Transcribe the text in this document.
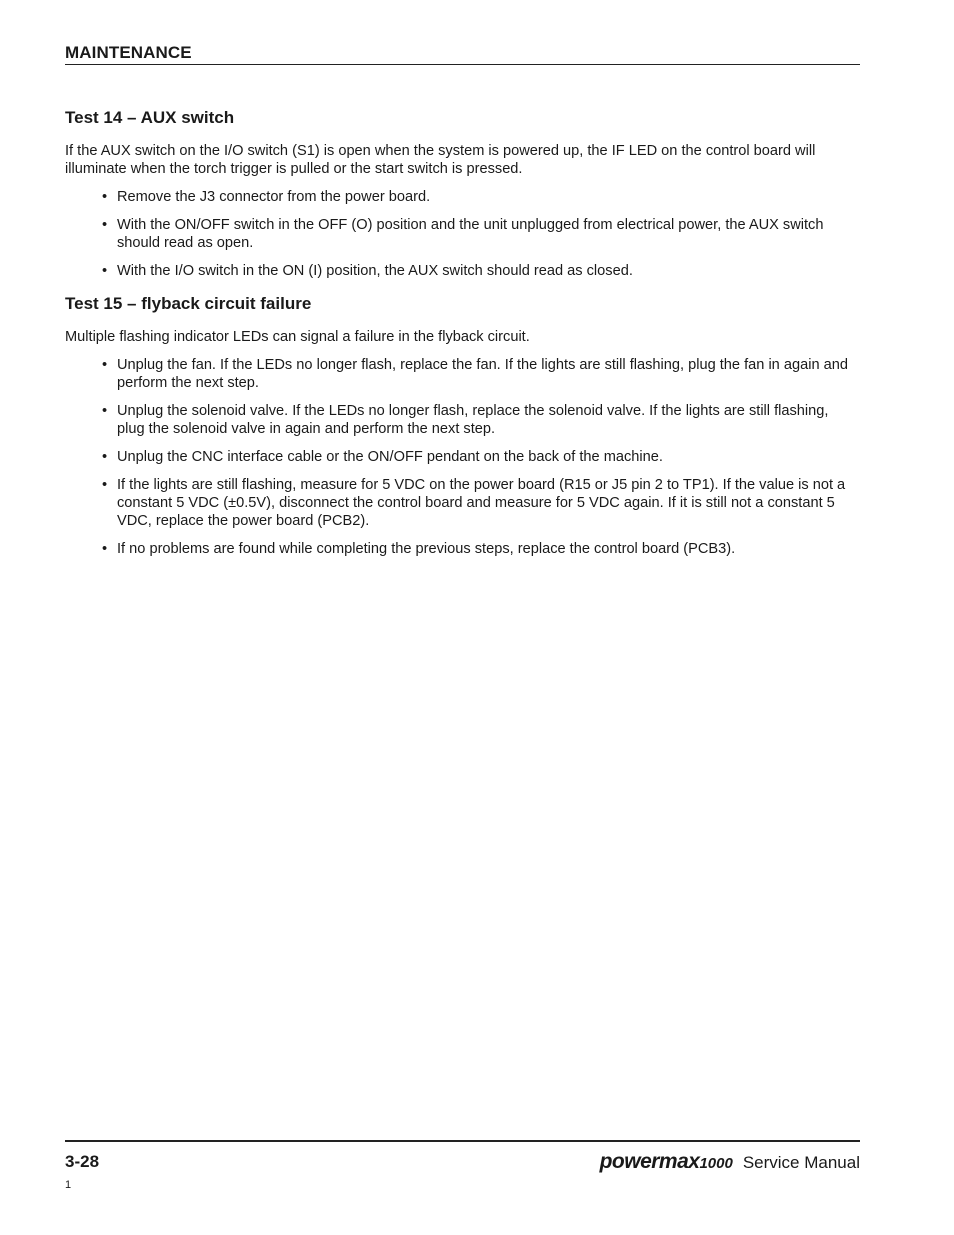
MAINTENANCE
Test 14 – AUX switch

If the AUX switch on the I/O switch (S1) is open when the system is powered up, the IF LED on the control board will illuminate when the torch trigger is pulled or the start switch is pressed.

• Remove the J3 connector from the power board.
• With the ON/OFF switch in the OFF (O) position and the unit unplugged from electrical power, the AUX switch should read as open.
• With the I/O switch in the ON (I) position, the AUX switch should read as closed.
Test 15 – flyback circuit failure

Multiple flashing indicator LEDs can signal a failure in the flyback circuit.

• Unplug the fan. If the LEDs no longer flash, replace the fan. If the lights are still flashing, plug the fan in again and perform the next step.
• Unplug the solenoid valve. If the LEDs no longer flash, replace the solenoid valve. If the lights are still flashing, plug the solenoid valve in again and perform the next step.
• Unplug the CNC interface cable or the ON/OFF pendant on the back of the machine.
• If the lights are still flashing, measure for 5 VDC on the power board (R15 or J5 pin 2 to TP1). If the value is not a constant 5 VDC (±0.5V), disconnect the control board and measure for 5 VDC again. If it is still not a constant 5 VDC, replace the power board (PCB2).
• If no problems are found while completing the previous steps, replace the control board (PCB3).
3-28	powermax1000 Service Manual
1
